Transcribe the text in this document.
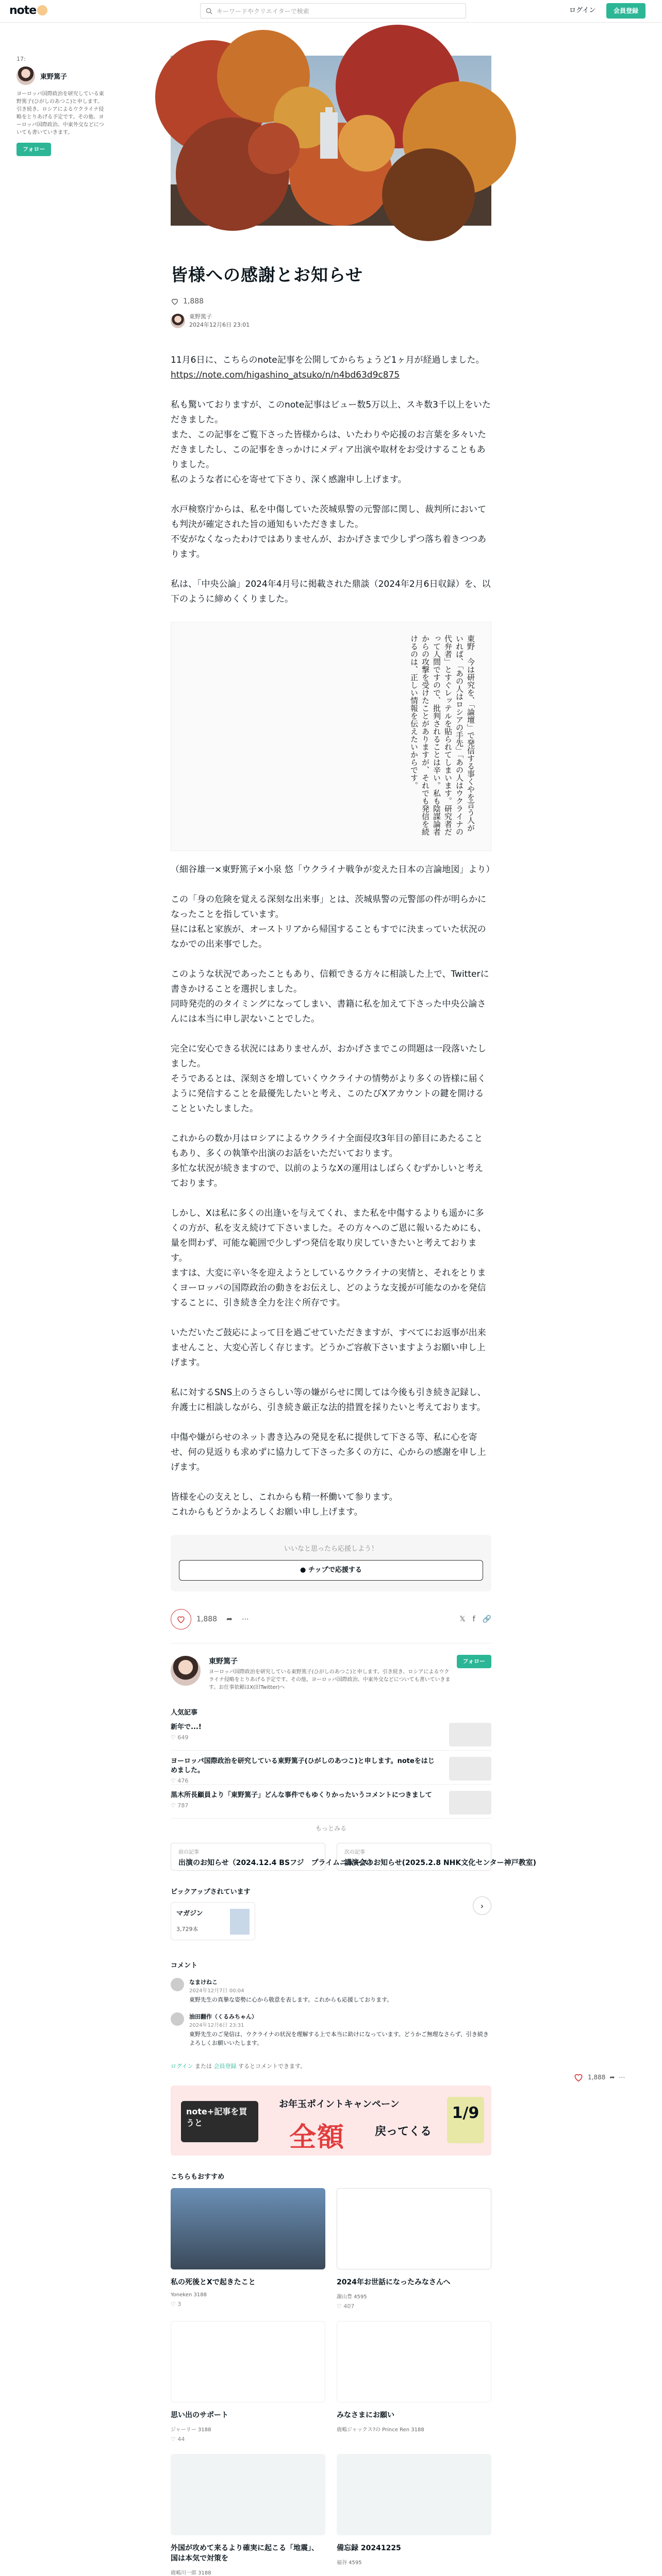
note	キーワードやクリエイターで検索	ログイン	会員登録
17:
東野篤子
ヨーロッパ国際政治を研究している東野篤子(ひがしのあつこ)と申します。引き続き、ロシアによるウクライナ侵略をとりあげる予定です。その他、ヨーロッパ国際政治、中東外交などについても書いていきます。
フォロー
皆様への感謝とお知らせ
1,888
東野篤子
2024年12月6日 23:01

11月6日に、こちらのnote記事を公開してからちょうど1ヶ月が経過しました。
https://note.com/higashino_atsuko/n/n4bd63d9c875

私も驚いておりますが、このnote記事はビュー数5万以上、スキ数3千以上をいただきました。
また、この記事をご覧下さった皆様からは、いたわりや応援のお言葉を多々いただきましたし、この記事をきっかけにメディア出演や取材をお受けすることもありました。
私のような者に心を寄せて下さり、深く感謝申し上げます。

水戸検察庁からは、私を中傷していた茨城県警の元警部に関し、裁判所においても判決が確定された旨の通知もいただきました。
不安がなくなったわけではありませんが、おかげさまで少しずつ落ち着きつつあります。

私は、「中央公論」2024年4月号に掲載された鼎談（2024年2月6日収録）を、以下のように締めくくりました。

東野　今は研究を、「論壇」で発信する事くやを言う人がいれば、「あの人はロシアの手先」「あの人はウクライナの代弁者」とすぐレッテルを貼られてしまいます。研究者だって人間ですので、批判されることは辛い。私も陰謀論者からの攻撃を受けたことがありますが、それでも発信を続けるのは、正しい情報を伝えたいからです。

（細谷雄一×東野篤子×小泉 悠「ウクライナ戦争が変えた日本の言論地図」より）

この「身の危険を覚える深刻な出来事」とは、茨城県警の元警部の件が明らかになったことを指しています。
昼には私と家族が、オーストリアから帰国することもすでに決まっていた状況のなかでの出来事でした。

このような状況であったこともあり、信頼できる方々に相談した上で、Twitterに書きかけることを選択しました。
同時発売的のタイミングになってしまい、書籍に私を加えて下さった中央公論さんには本当に申し訳ないことでした。

完全に安心できる状況にはありませんが、おかげさまでこの問題は一段落いたしました。
そうであるとは、深刻さを増していくウクライナの情勢がより多くの皆様に届くように発信することを最優先したいと考え、このたびXアカウントの鍵を開けることといたしました。

これからの数か月はロシアによるウクライナ全面侵攻3年目の節目にあたることもあり、多くの執筆や出演のお話をいただいております。
多忙な状況が続きますので、以前のようなXの運用はしばらくむずかしいと考えております。

しかし、Xは私に多くの出逢いを与えてくれ、また私を中傷するよりも遥かに多くの方が、私を支え続けて下さいました。その方々へのご恩に報いるためにも、量を問わず、可能な範囲で少しずつ発信を取り戻していきたいと考えております。
ますは、大変に辛い冬を迎えようとしているウクライナの実情と、それをとりまくヨーロッパの国際政治の動きをお伝えし、どのような支援が可能なのかを発信することに、引き続き全力を注ぐ所存です。

いただいたご鼓応によって日を過ごせていただきますが、すべてにお返事が出来ませんこと、大変心苦しく存じます。どうかご容赦下さいますようお願い申し上げます。

私に対するSNS上のうさらしい等の嫌がらせに関しては今後も引き続き記録し、弁護士に相談しながら、引き続き厳正な法的措置を採りたいと考えております。

中傷や嫌がらせのネット書き込みの発見を私に提供して下さる等、私に心を寄せ、何の見返りも求めずに協力して下さった多くの方に、心からの感謝を申し上げます。

皆様を心の支えとし、これからも精一杯働いて参ります。
これからもどうかよろしくお願い申し上げます。

いいなと思ったら応援しよう！
● チップで応援する
1,888 ➦ ⋯	𝕏 f 🔗
東野篤子
ヨーロッパ国際政治を研究している東野篤子(ひがしのあつこ)と申します。引き続き、ロシアによるウクライナ侵略をとりあげる予定です。その他、ヨーロッパ国際政治、中東外交などについても書いていきます。お仕事依頼はX(旧Twitter)へ
フォロー
人気記事
新年で...!
♡ 649
ヨーロッパ国際政治を研究している東野篤子(ひがしのあつこ)と申します。noteをはじめました。
♡ 476
黒木所長顧員より「東野篤子」どんな事件でもゆくりかったいうコメントにつきまして
♡ 787
もっとみる
前の記事
出演のお知らせ（2024.12.4 BSフジ　プライムニュース）
次の記事
講演会のお知らせ(2025.2.8 NHK文化センター神戸教室)
ピックアップされています
マガジン
3,729本
›
コメント
なまけねこ
2024年12月7日 00:04
東野先生の真摯な姿勢に心から敬意を表します。これからも応援しております。
油田翻作（くるみちゃん）
2024年12月6日 23:31
東野先生のご発信は、ウクライナの状況を理解する上で本当に助けになっています。どうかご無理なさらず、引き続きよろしくお願いいたします。
ログイン または 会員登録 するとコメントできます。
note+記事を買うと
お年玉ポイントキャンペーン
全額	戻ってくる
1/9
こちらもおすすめ
私の死後とXで起きたこと
Yoneken 3188
♡ 3
2024年お世話になったみなさんへ
謝山豊 4595
♡ 407
思い出のサポート
ジャーリー 3188
♡ 44
みなさまにお願い
鹿嶋ジャックス?の Prince Ren 3188
外国が攻めて来るより確実に起こる「地震」、国は本気で対策を
鹿嶋川一郎 3188
備忘録 20241225
福谷 4595
1,888 ➦ ⋯
